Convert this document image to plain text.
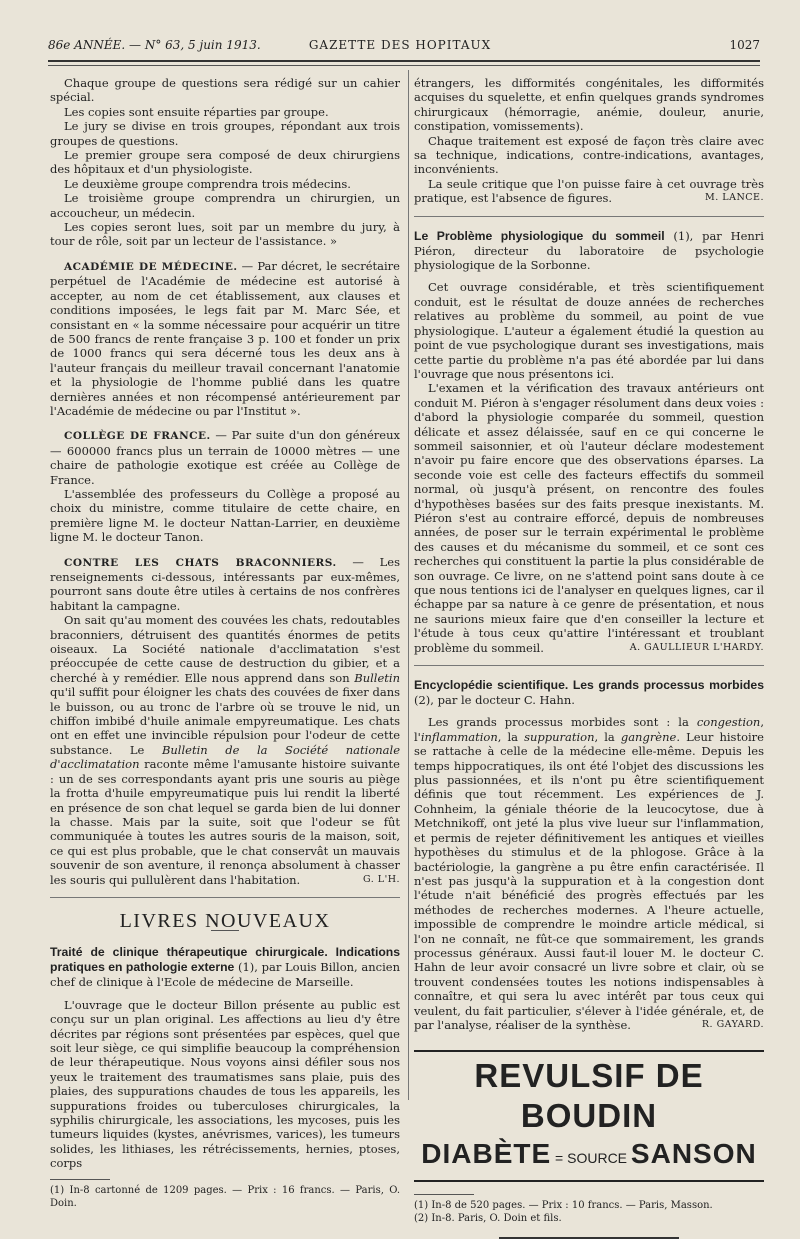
86e ANNÉE. — N° 63, 5 juin 1913.	GAZETTE DES HOPITAUX	1027

Chaque groupe de questions sera rédigé sur un cahier spécial.

Les copies sont ensuite réparties par groupe.

Le jury se divise en trois groupes, répondant aux trois groupes de questions.

Le premier groupe sera composé de deux chirurgiens des hôpitaux et d'un physiologiste.

Le deuxième groupe comprendra trois médecins.

Le troisième groupe comprendra un chirurgien, un accoucheur, un médecin.

Les copies seront lues, soit par un membre du jury, à tour de rôle, soit par un lecteur de l'assistance. »

ACADÉMIE DE MÉDECINE. — Par décret, le secrétaire perpétuel de l'Académie de médecine est autorisé à accepter, au nom de cet établissement, aux clauses et conditions imposées, le legs fait par M. Marc Sée, et consistant en « la somme nécessaire pour acquérir un titre de 500 francs de rente française 3 p. 100 et fonder un prix de 1000 francs qui sera décerné tous les deux ans à l'auteur français du meilleur travail concernant l'anatomie et la physiologie de l'homme publié dans les quatre dernières années et non récompensé antérieurement par l'Académie de médecine ou par l'Institut ».

COLLÈGE DE FRANCE. — Par suite d'un don généreux — 600000 francs plus un terrain de 10000 mètres — une chaire de pathologie exotique est créée au Collège de France.

L'assemblée des professeurs du Collège a proposé au choix du ministre, comme titulaire de cette chaire, en première ligne M. le docteur Nattan-Larrier, en deuxième ligne M. le docteur Tanon.

CONTRE LES CHATS BRACONNIERS. — Les renseignements ci-dessous, intéressants par eux-mêmes, pourront sans doute être utiles à certains de nos confrères habitant la campagne.

On sait qu'au moment des couvées les chats, redoutables braconniers, détruisent des quantités énormes de petits oiseaux. La Société nationale d'acclimatation s'est préoccupée de cette cause de destruction du gibier, et a cherché à y remédier. Elle nous apprend dans son Bulletin qu'il suffit pour éloigner les chats des couvées de fixer dans le buisson, ou au tronc de l'arbre où se trouve le nid, un chiffon imbibé d'huile animale empyreumatique. Les chats ont en effet une invincible répulsion pour l'odeur de cette substance. Le Bulletin de la Société nationale d'acclimatation raconte même l'amusante histoire suivante : un de ses correspondants ayant pris une souris au piège la frotta d'huile empyreumatique puis lui rendit la liberté en présence de son chat lequel se garda bien de lui donner la chasse. Mais par la suite, soit que l'odeur se fût communiquée à toutes les autres souris de la maison, soit, ce qui est plus probable, que le chat conservât un mauvais souvenir de son aventure, il renonça absolument à chasser les souris qui pullulèrent dans l'habitation.	G. L'H.

LIVRES NOUVEAUX

Traité de clinique thérapeutique chirurgicale. Indications pratiques en pathologie externe (1), par Louis Billon, ancien chef de clinique à l'Ecole de médecine de Marseille.

L'ouvrage que le docteur Billon présente au public est conçu sur un plan original. Les affections au lieu d'y être décrites par régions sont présentées par espèces, quel que soit leur siège, ce qui simplifie beaucoup la compréhension de leur thérapeutique. Nous voyons ainsi défiler sous nos yeux le traitement des traumatismes sans plaie, puis des plaies, des suppurations chaudes de tous les appareils, les suppurations froides ou tuberculoses chirurgicales, la syphilis chirurgicale, les associations, les mycoses, puis les tumeurs liquides (kystes, anévrismes, varices), les tumeurs solides, les lithiases, les rétrécissements, hernies, ptoses, corps

(1) In-8 cartonné de 1209 pages. — Prix : 16 francs. — Paris, O. Doin.

étrangers, les difformités congénitales, les difformités acquises du squelette, et enfin quelques grands syndromes chirurgicaux (hémorragie, anémie, douleur, anurie, constipation, vomissements).

Chaque traitement est exposé de façon très claire avec sa technique, indications, contre-indications, avantages, inconvénients.

La seule critique que l'on puisse faire à cet ouvrage très pratique, est l'absence de figures.	M. LANCE.

Le Problème physiologique du sommeil (1), par Henri Piéron, directeur du laboratoire de psychologie physiologique de la Sorbonne.

Cet ouvrage considérable, et très scientifiquement conduit, est le résultat de douze années de recherches relatives au problème du sommeil, au point de vue physiologique. L'auteur a également étudié la question au point de vue psychologique durant ses investigations, mais cette partie du problème n'a pas été abordée par lui dans l'ouvrage que nous présentons ici.

L'examen et la vérification des travaux antérieurs ont conduit M. Piéron à s'engager résolument dans deux voies : d'abord la physiologie comparée du sommeil, question délicate et assez délaissée, sauf en ce qui concerne le sommeil saisonnier, et où l'auteur déclare modestement n'avoir pu faire encore que des observations éparses. La seconde voie est celle des facteurs effectifs du sommeil normal, où jusqu'à présent, on rencontre des foules d'hypothèses basées sur des faits presque inexistants. M. Piéron s'est au contraire efforcé, depuis de nombreuses années, de poser sur le terrain expérimental le problème des causes et du mécanisme du sommeil, et ce sont ces recherches qui constituent la partie la plus considérable de son ouvrage. Ce livre, on ne s'attend point sans doute à ce que nous tentions ici de l'analyser en quelques lignes, car il échappe par sa nature à ce genre de présentation, et nous ne saurions mieux faire que d'en conseiller la lecture et l'étude à tous ceux qu'attire l'intéressant et troublant problème du sommeil.	A. GAULLIEUR L'HARDY.

Encyclopédie scientifique. Les grands processus morbides (2), par le docteur C. Hahn.

Les grands processus morbides sont : la congestion, l'inflammation, la suppuration, la gangrène. Leur histoire se rattache à celle de la médecine elle-même. Depuis les temps hippocratiques, ils ont été l'objet des discussions les plus passionnées, et ils n'ont pu être scientifiquement définis que tout récemment. Les expériences de J. Cohnheim, la géniale théorie de la leucocytose, due à Metchnikoff, ont jeté la plus vive lueur sur l'inflammation, et permis de rejeter définitivement les antiques et vieilles hypothèses du stimulus et de la phlogose. Grâce à la bactériologie, la gangrène a pu être enfin caractérisée. Il n'est pas jusqu'à la suppuration et à la congestion dont l'étude n'ait bénéficié des progrès effectués par les méthodes de recherches modernes. A l'heure actuelle, impossible de comprendre le moindre article médical, si l'on ne connaît, ne fût-ce que sommairement, les grands processus généraux. Aussi faut-il louer M. le docteur C. Hahn de leur avoir consacré un livre sobre et clair, où se trouvent condensées toutes les notions indispensables à connaître, et qui sera lu avec intérêt par tous ceux qui veulent, du fait particulier, s'élever à l'idée générale, et, de par l'analyse, réaliser de la synthèse.	R. GAYARD.

REVULSIF DE BOUDIN
DIABÈTE = SOURCE SANSON

(1) In-8 de 520 pages. — Prix : 10 francs. — Paris, Masson.

(2) In-8. Paris, O. Doin et fils.
